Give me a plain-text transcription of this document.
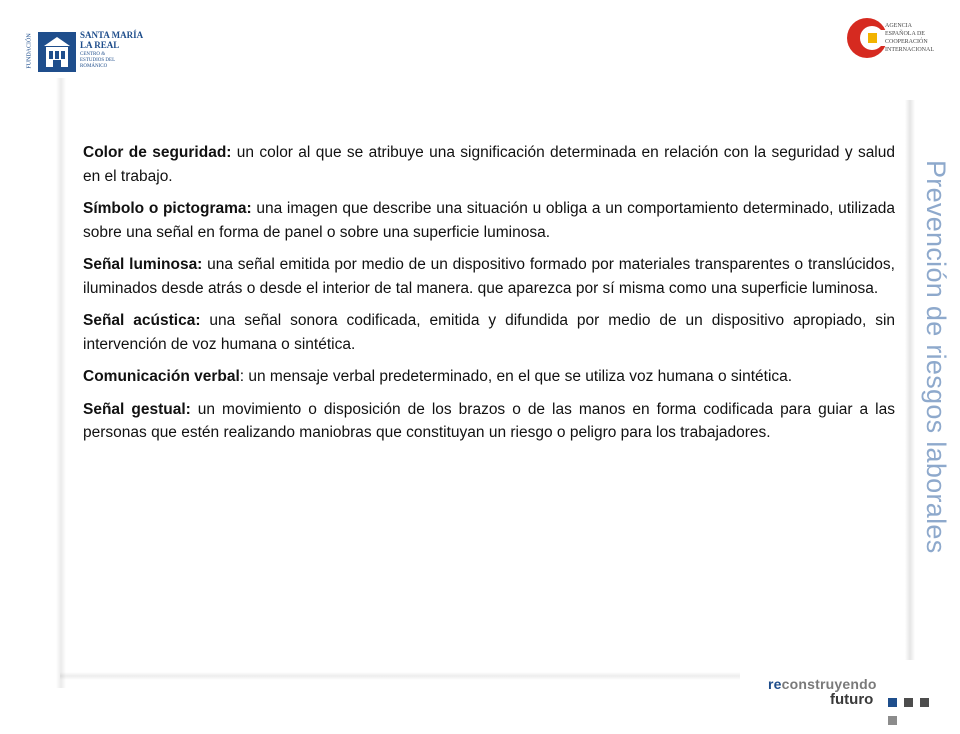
FUNDACIÓN	SANTA MARÍA
LA REAL
CENTRO &
ESTUDIOS DEL
ROMÁNICO
AGENCIA
ESPAÑOLA DE
COOPERACIÓN
INTERNACIONAL

Color de seguridad: un color al que se atribuye una significación determinada en relación con la seguridad y salud en el trabajo.

Símbolo o pictograma: una imagen que describe una situación u obliga a un comportamiento determinado, utilizada sobre una señal en forma de panel o sobre una superficie luminosa.

Señal luminosa: una señal emitida por medio de un dispositivo formado por materiales transparentes o translúcidos, iluminados desde atrás o desde el interior de tal manera. que aparezca por sí misma como una superficie luminosa.

Señal acústica: una señal sonora codificada, emitida y difundida por medio de un dispositivo apropiado, sin intervención de voz humana o sintética.

Comunicación verbal: un mensaje verbal predeterminado, en el que se utiliza voz humana o sintética.

Señal gestual: un movimiento o disposición de los brazos o de las manos en forma codificada para guiar a las personas que estén realizando maniobras que constituyan un riesgo o peligro para los trabajadores.	Prevención de riesgos laborales
reconstruyendo
futuro
